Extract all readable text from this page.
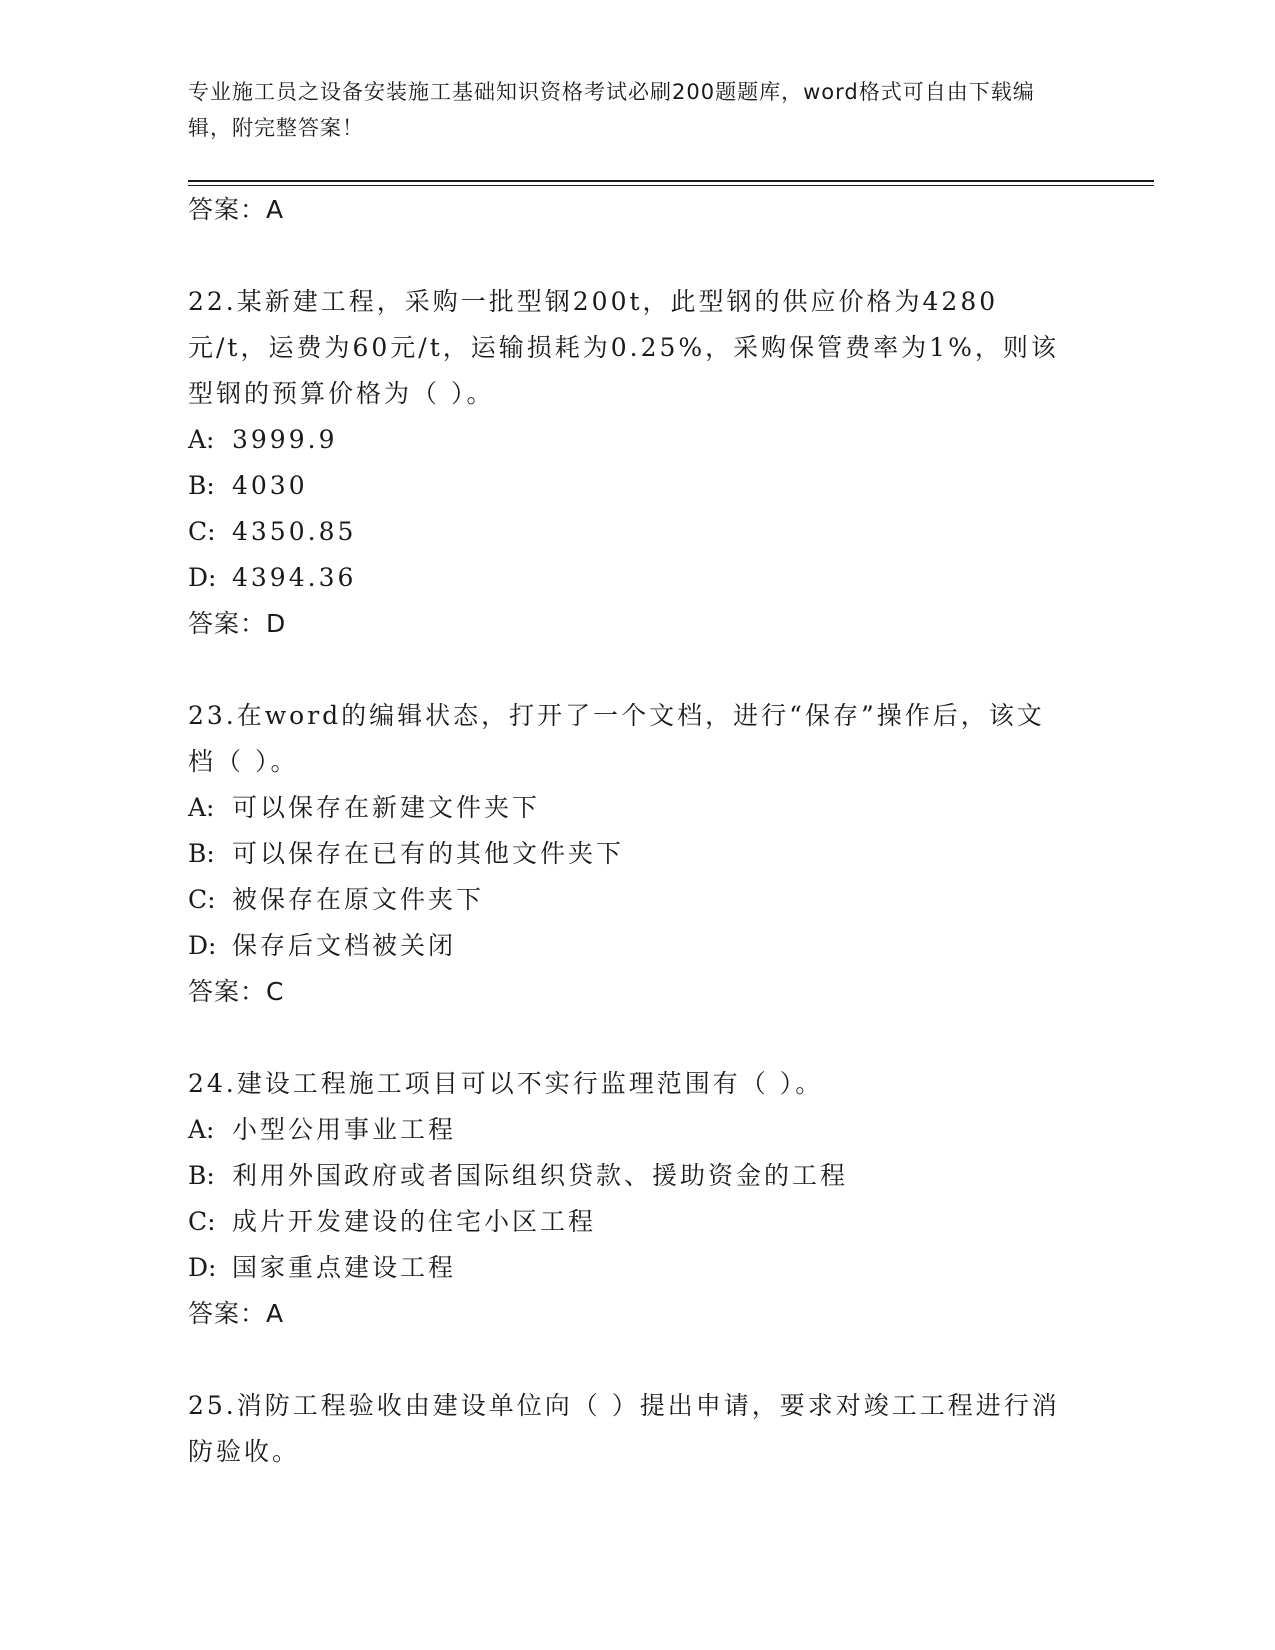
专业施工员之设备安装施工基础知识资格考试必刷200题题库，word格式可自由下载编辑，附完整答案！
答案：A
22.某新建工程，采购一批型钢200t，此型钢的供应价格为4280元/t，运费为60元/t，运输损耗为0.25%，采购保管费率为1%，则该型钢的预算价格为（ ）。
A: 3999.9
B: 4030
C: 4350.85
D: 4394.36
答案：D
23.在word的编辑状态，打开了一个文档，进行“保存”操作后，该文档（ ）。
A: 可以保存在新建文件夹下
B: 可以保存在已有的其他文件夹下
C: 被保存在原文件夹下
D: 保存后文档被关闭
答案：C
24.建设工程施工项目可以不实行监理范围有（ ）。
A: 小型公用事业工程
B: 利用外国政府或者国际组织贷款、援助资金的工程
C: 成片开发建设的住宅小区工程
D: 国家重点建设工程
答案：A
25.消防工程验收由建设单位向（ ）提出申请，要求对竣工工程进行消防验收。
